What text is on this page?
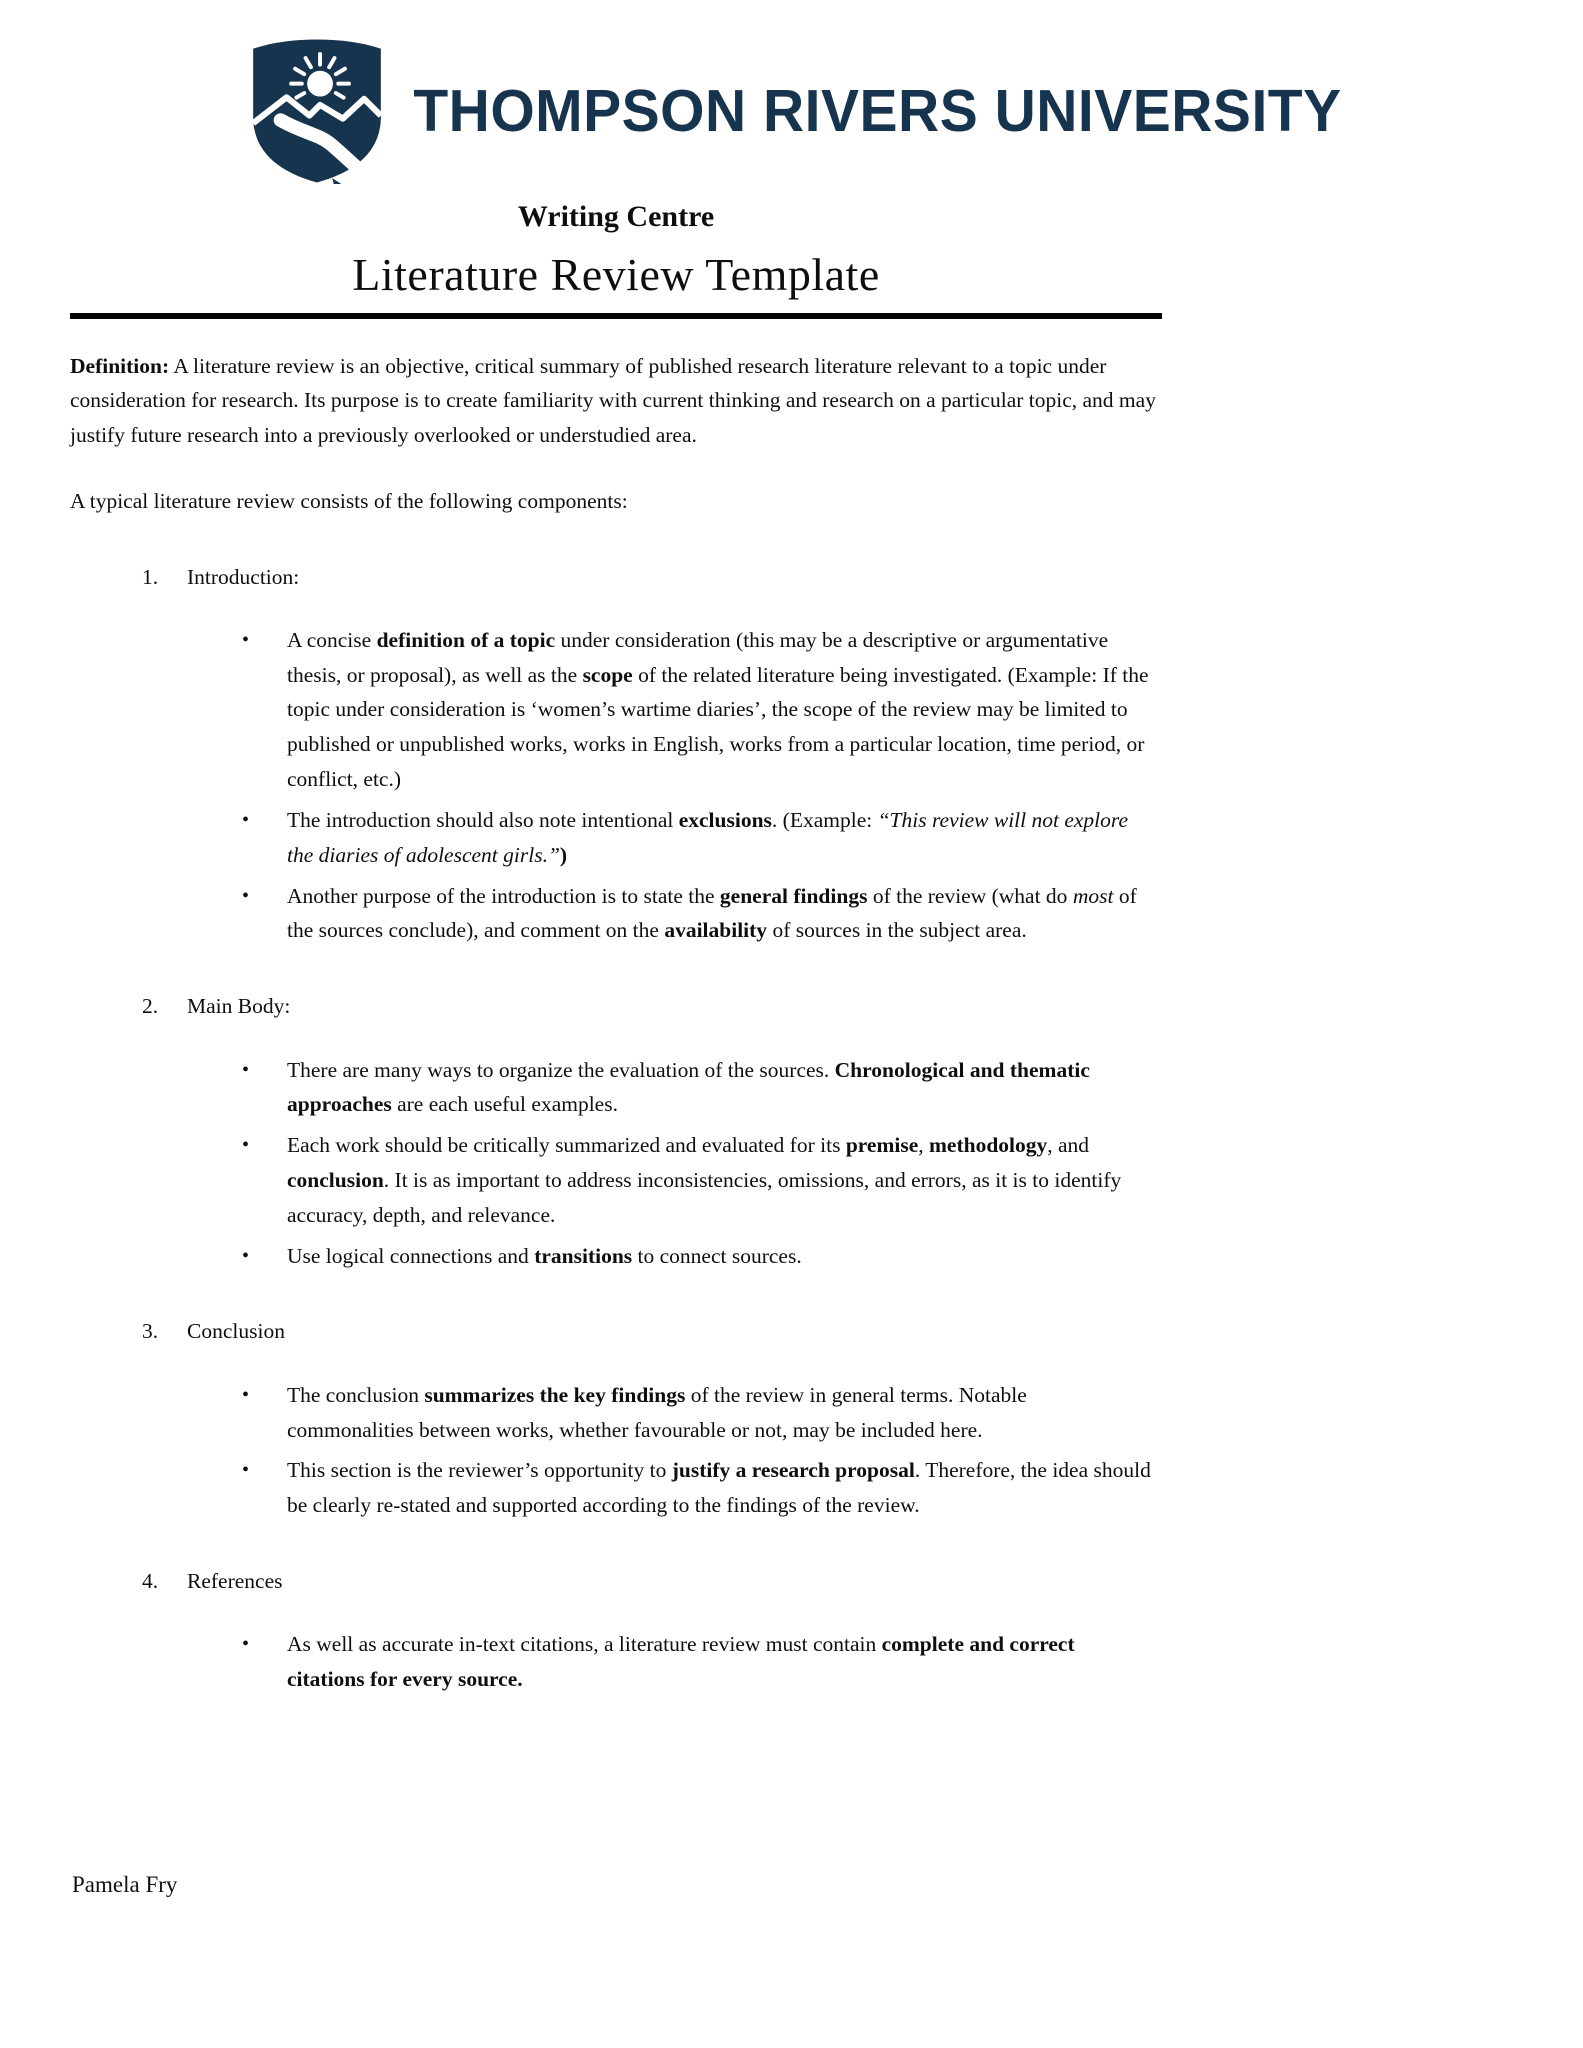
THOMPSON RIVERS UNIVERSITY
Writing Centre
Literature Review Template

Definition: A literature review is an objective, critical summary of published research literature relevant to a topic under consideration for research. Its purpose is to create familiarity with current thinking and research on a particular topic, and may justify future research into a previously overlooked or understudied area.

A typical literature review consists of the following components:

1.	Introduction:
•	A concise definition of a topic under consideration (this may be a descriptive or argumentative thesis, or proposal), as well as the scope of the related literature being investigated. (Example: If the topic under consideration is ‘women’s wartime diaries’, the scope of the review may be limited to published or unpublished works, works in English, works from a particular location, time period, or conflict, etc.)
•	The introduction should also note intentional exclusions. (Example: “This review will not explore the diaries of adolescent girls.”)
•	Another purpose of the introduction is to state the general findings of the review (what do most of the sources conclude), and comment on the availability of sources in the subject area.
2.	Main Body:
•	There are many ways to organize the evaluation of the sources. Chronological and thematic approaches are each useful examples.
•	Each work should be critically summarized and evaluated for its premise, methodology, and conclusion. It is as important to address inconsistencies, omissions, and errors, as it is to identify accuracy, depth, and relevance.
•	Use logical connections and transitions to connect sources.
3.	Conclusion
•	The conclusion summarizes the key findings of the review in general terms. Notable commonalities between works, whether favourable or not, may be included here.
•	This section is the reviewer’s opportunity to justify a research proposal. Therefore, the idea should be clearly re-stated and supported according to the findings of the review.
4.	References
•	As well as accurate in-text citations, a literature review must contain complete and correct citations for every source.
Pamela Fry
